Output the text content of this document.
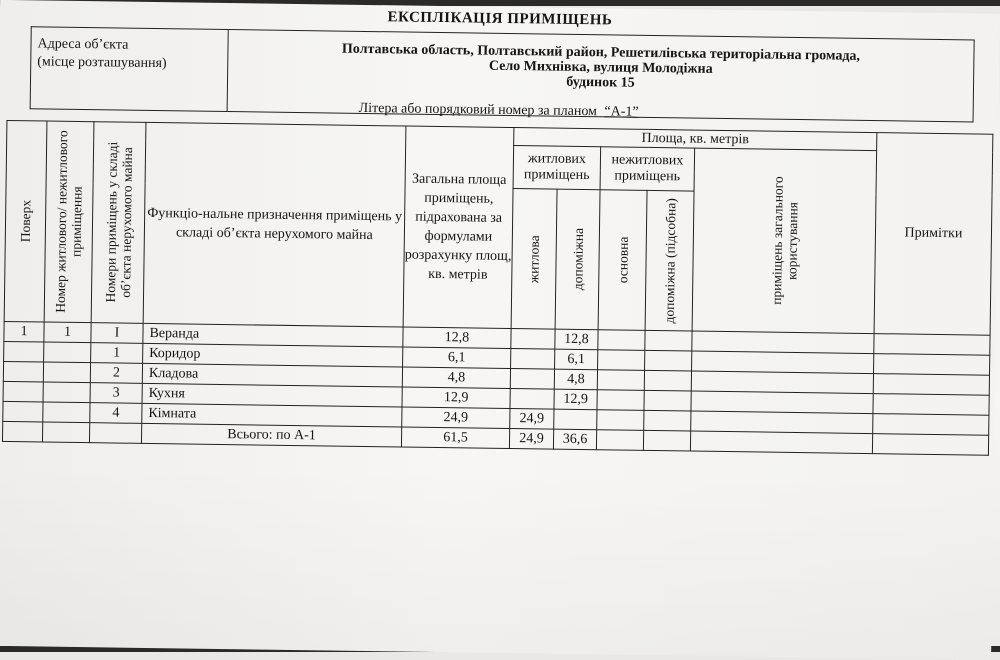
ЕКСПЛІКАЦІЯ ПРИМІЩЕНЬ
Адреса об’єкта
(місце розташування)	Полтавська область, Полтавський район, Решетилівська територіальна громада,
Село Михнівка, вулиця Молодіжна
будинок 15
Літера або порядковий номер за планом “А-1”
Поверх	Номер житлового/ нежитлового приміщення	Номери приміщень у складі об’єкта нерухомого майна	Функціо-нальне призначення приміщень у складі об’єкта нерухомого майна	Загальна площа приміщень, підрахована за формулами розрахунку площ, кв. метрів	Площа, кв. метрів					Примітки
					житлових приміщень		нежитлових приміщень		приміщень загального користування	

					житлова	допоміжна	основна	допоміжна (підсобна)		

1	1	I	Веранда	12,8		12,8				
		1	Коридор	6,1		6,1				
		2	Кладова	4,8		4,8				
		3	Кухня	12,9		12,9				
		4	Кімната	24,9	24,9					
			Всього: по А-1	61,5	24,9	36,6				
